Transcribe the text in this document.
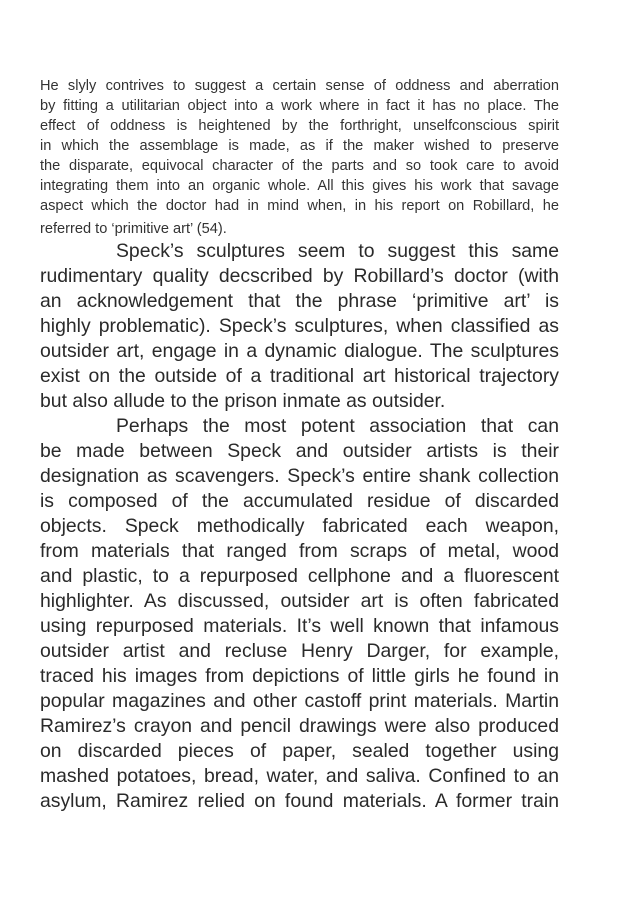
He slyly contrives to suggest a certain sense of oddness and aberration
by fitting a utilitarian object into a work where in fact it has no place. The
effect of oddness is heightened by the forthright, unselfconscious spirit
in which the assemblage is made, as if the maker wished to preserve
the disparate, equivocal character of the parts and so took care to avoid
integrating them into an organic whole. All this gives his work that savage
aspect which the doctor had in mind when, in his report on Robillard, he
referred to ‘primitive art’ (54).
Speck’s sculptures seem to suggest this same
rudimentary quality decscribed by Robillard’s doctor (with
an acknowledgement that the phrase ‘primitive art’ is
highly problematic). Speck’s sculptures, when classified as
outsider art, engage in a dynamic dialogue. The sculptures
exist on the outside of a traditional art historical trajectory
but also allude to the prison inmate as outsider.
Perhaps the most potent association that can
be made between Speck and outsider artists is their
designation as scavengers. Speck’s entire shank collection
is composed of the accumulated residue of discarded
objects. Speck methodically fabricated each weapon,
from materials that ranged from scraps of metal, wood
and plastic, to a repurposed cellphone and a fluorescent
highlighter. As discussed, outsider art is often fabricated
using repurposed materials. It’s well known that infamous
outsider artist and recluse Henry Darger, for example,
traced his images from depictions of little girls he found in
popular magazines and other castoff print materials. Martin
Ramirez’s crayon and pencil drawings were also produced
on discarded pieces of paper, sealed together using
mashed potatoes, bread, water, and saliva. Confined to an
asylum, Ramirez relied on found materials. A former train
